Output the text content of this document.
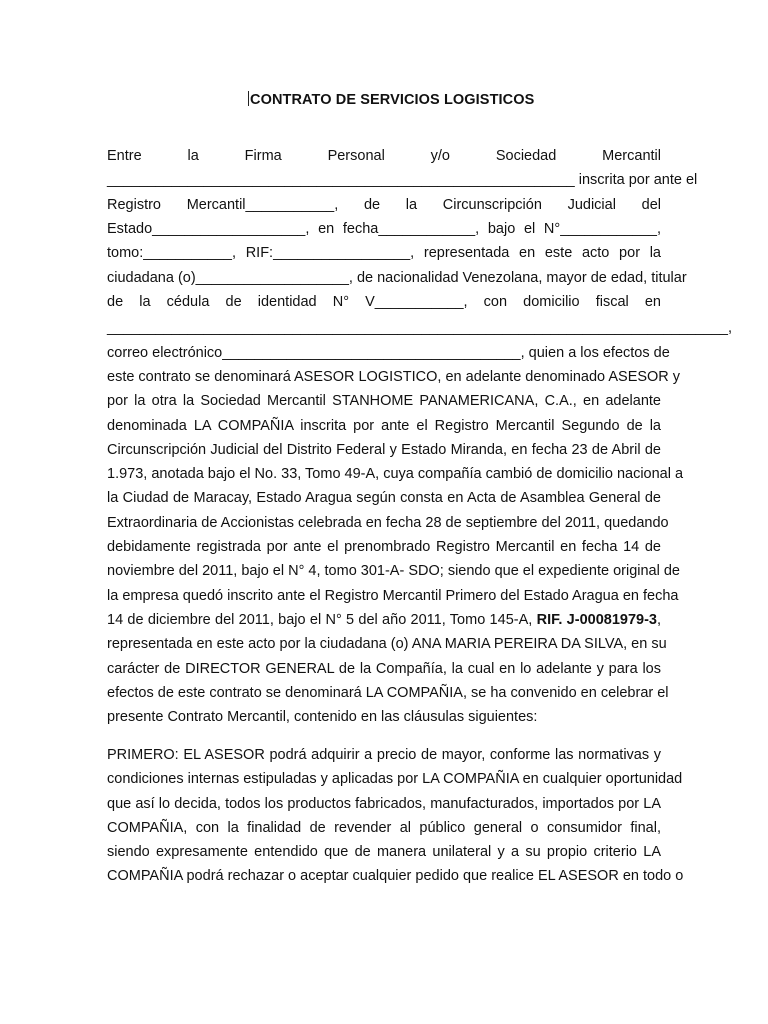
CONTRATO DE SERVICIOS LOGISTICOS
Entre la Firma Personal y/o Sociedad Mercantil
__________________________________________________________ inscrita por ante el
Registro Mercantil___________, de la Circunscripción Judicial del
Estado___________________, en fecha____________, bajo el N°____________,
tomo:___________, RIF:_________________, representada en este acto por la
ciudadana (o)___________________, de nacionalidad Venezolana, mayor de edad, titular
de la cédula de identidad N° V___________, con domicilio fiscal en
_____________________________________________________________________________,
correo electrónico_____________________________________, quien a los efectos de
este contrato se denominará ASESOR LOGISTICO, en adelante denominado ASESOR y
por la otra la Sociedad Mercantil STANHOME PANAMERICANA, C.A., en adelante
denominada LA COMPAÑIA inscrita por ante el Registro Mercantil Segundo de la
Circunscripción Judicial del Distrito Federal y Estado Miranda, en fecha 23 de Abril de
1.973, anotada bajo el No. 33, Tomo 49-A, cuya compañía cambió de domicilio nacional a
la Ciudad de Maracay, Estado Aragua según consta en Acta de Asamblea General de
Extraordinaria de Accionistas celebrada en fecha 28 de septiembre del 2011, quedando
debidamente registrada por ante el prenombrado Registro Mercantil en fecha 14 de
noviembre del 2011, bajo el N° 4, tomo 301-A- SDO; siendo que el expediente original de
la empresa quedó inscrito ante el Registro Mercantil Primero del Estado Aragua en fecha
14 de diciembre del 2011, bajo el N° 5 del año 2011, Tomo 145-A, RIF. J-00081979-3,
representada en este acto por la ciudadana (o) ANA MARIA PEREIRA DA SILVA, en su
carácter de DIRECTOR GENERAL de la Compañía, la cual en lo adelante y para los
efectos de este contrato se denominará LA COMPAÑIA, se ha convenido en celebrar el
presente Contrato Mercantil, contenido en las cláusulas siguientes:
PRIMERO: EL ASESOR podrá adquirir a precio de mayor, conforme las normativas y
condiciones internas estipuladas y aplicadas por LA COMPAÑIA en cualquier oportunidad
que así lo decida, todos los productos fabricados, manufacturados, importados por LA
COMPAÑIA, con la finalidad de revender al público general o consumidor final,
siendo expresamente entendido que de manera unilateral y a su propio criterio LA
COMPAÑIA podrá rechazar o aceptar cualquier pedido que realice EL ASESOR en todo o
